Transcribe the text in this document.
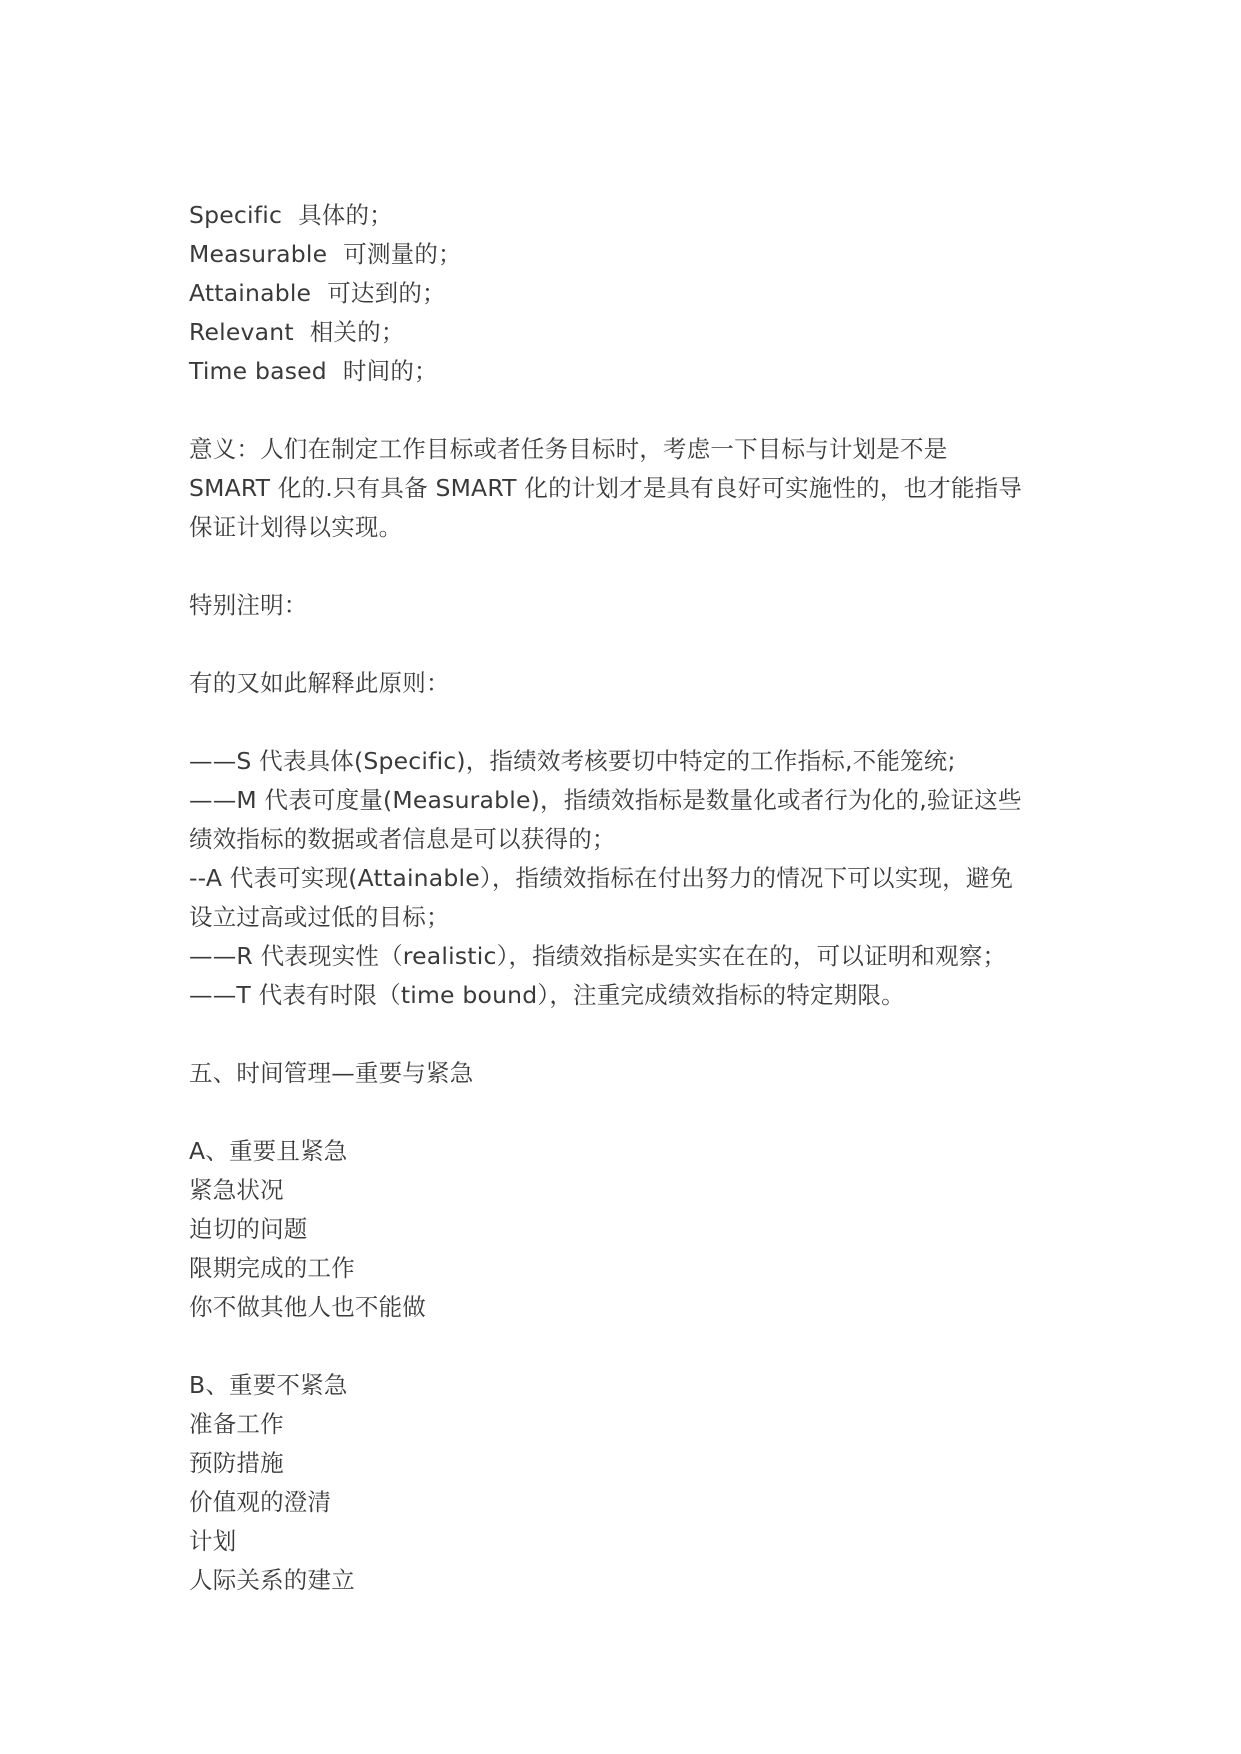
Specific 具体的；
Measurable 可测量的；
Attainable 可达到的；
Relevant 相关的；
Time based 时间的；
意义：人们在制定工作目标或者任务目标时，考虑一下目标与计划是不是
SMART 化的.只有具备 SMART 化的计划才是具有良好可实施性的，也才能指导
保证计划得以实现。
特别注明：
有的又如此解释此原则：
——S 代表具体(Specific)，指绩效考核要切中特定的工作指标,不能笼统;
——M 代表可度量(Measurable)，指绩效指标是数量化或者行为化的,验证这些
绩效指标的数据或者信息是可以获得的；
--A 代表可实现(Attainable），指绩效指标在付出努力的情况下可以实现，避免
设立过高或过低的目标；
——R 代表现实性（realistic），指绩效指标是实实在在的，可以证明和观察；
——T 代表有时限（time bound），注重完成绩效指标的特定期限。
五、时间管理—重要与紧急
A、重要且紧急
紧急状况
迫切的问题
限期完成的工作
你不做其他人也不能做
B、重要不紧急
准备工作
预防措施
价值观的澄清
计划
人际关系的建立
